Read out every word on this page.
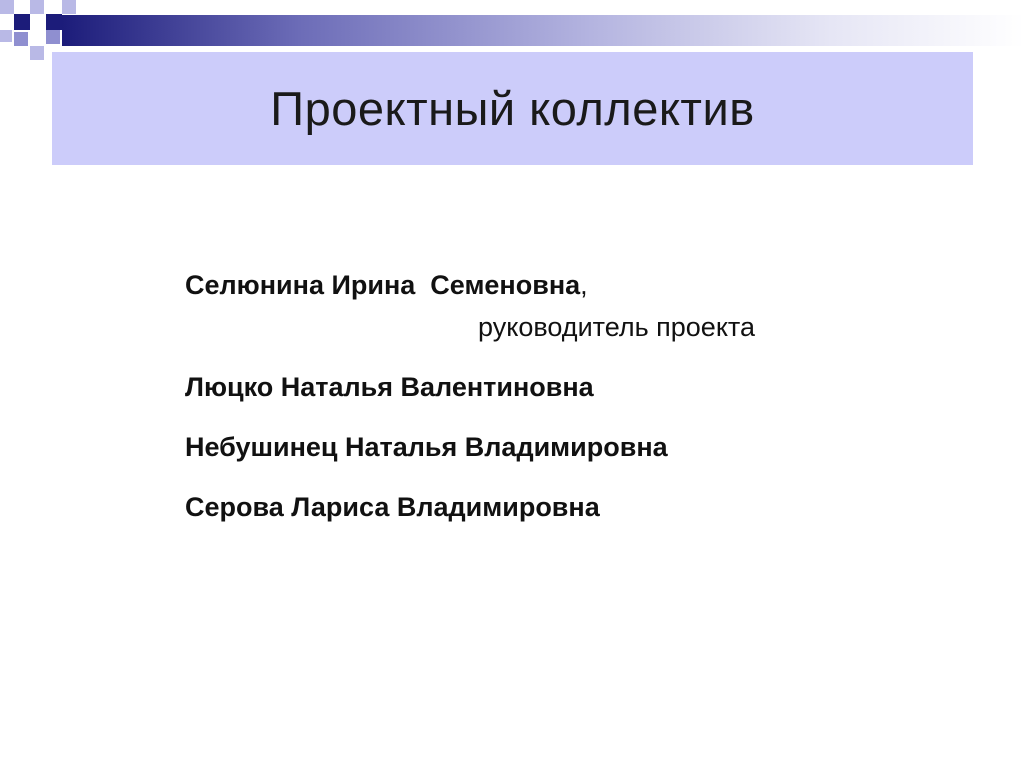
Проектный коллектив
Селюнина Ирина  Семеновна,
руководитель проекта
Люцко Наталья Валентиновна
Небушинец Наталья Владимировна
Серова Лариса Владимировна
